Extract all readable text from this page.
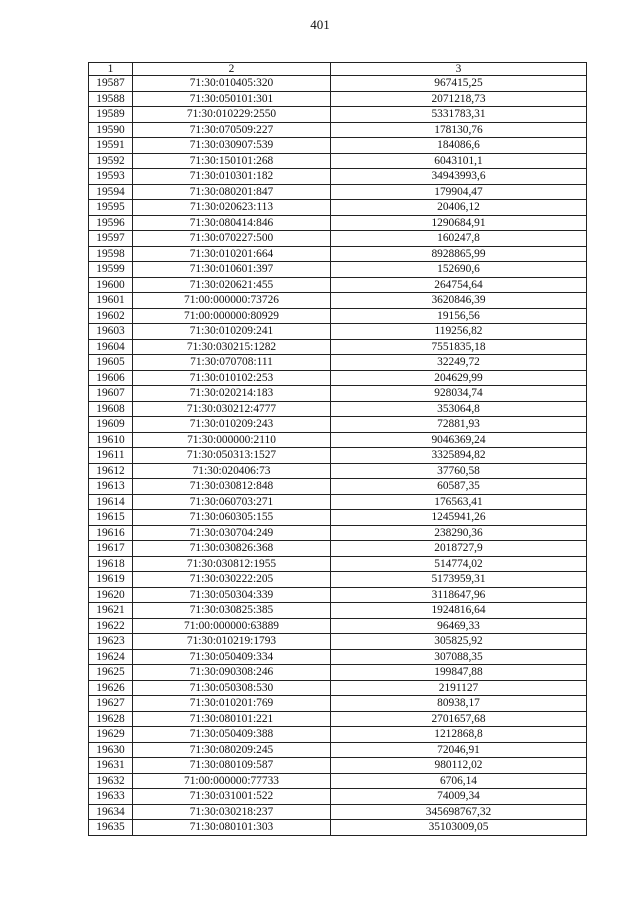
401
1	2	3
19587	71:30:010405:320	967415,25
19588	71:30:050101:301	2071218,73
19589	71:30:010229:2550	5331783,31
19590	71:30:070509:227	178130,76
19591	71:30:030907:539	184086,6
19592	71:30:150101:268	6043101,1
19593	71:30:010301:182	34943993,6
19594	71:30:080201:847	179904,47
19595	71:30:020623:113	20406,12
19596	71:30:080414:846	1290684,91
19597	71:30:070227:500	160247,8
19598	71:30:010201:664	8928865,99
19599	71:30:010601:397	152690,6
19600	71:30:020621:455	264754,64
19601	71:00:000000:73726	3620846,39
19602	71:00:000000:80929	19156,56
19603	71:30:010209:241	119256,82
19604	71:30:030215:1282	7551835,18
19605	71:30:070708:111	32249,72
19606	71:30:010102:253	204629,99
19607	71:30:020214:183	928034,74
19608	71:30:030212:4777	353064,8
19609	71:30:010209:243	72881,93
19610	71:30:000000:2110	9046369,24
19611	71:30:050313:1527	3325894,82
19612	71:30:020406:73	37760,58
19613	71:30:030812:848	60587,35
19614	71:30:060703:271	176563,41
19615	71:30:060305:155	1245941,26
19616	71:30:030704:249	238290,36
19617	71:30:030826:368	2018727,9
19618	71:30:030812:1955	514774,02
19619	71:30:030222:205	5173959,31
19620	71:30:050304:339	3118647,96
19621	71:30:030825:385	1924816,64
19622	71:00:000000:63889	96469,33
19623	71:30:010219:1793	305825,92
19624	71:30:050409:334	307088,35
19625	71:30:090308:246	199847,88
19626	71:30:050308:530	2191127
19627	71:30:010201:769	80938,17
19628	71:30:080101:221	2701657,68
19629	71:30:050409:388	1212868,8
19630	71:30:080209:245	72046,91
19631	71:30:080109:587	980112,02
19632	71:00:000000:77733	6706,14
19633	71:30:031001:522	74009,34
19634	71:30:030218:237	345698767,32
19635	71:30:080101:303	35103009,05
